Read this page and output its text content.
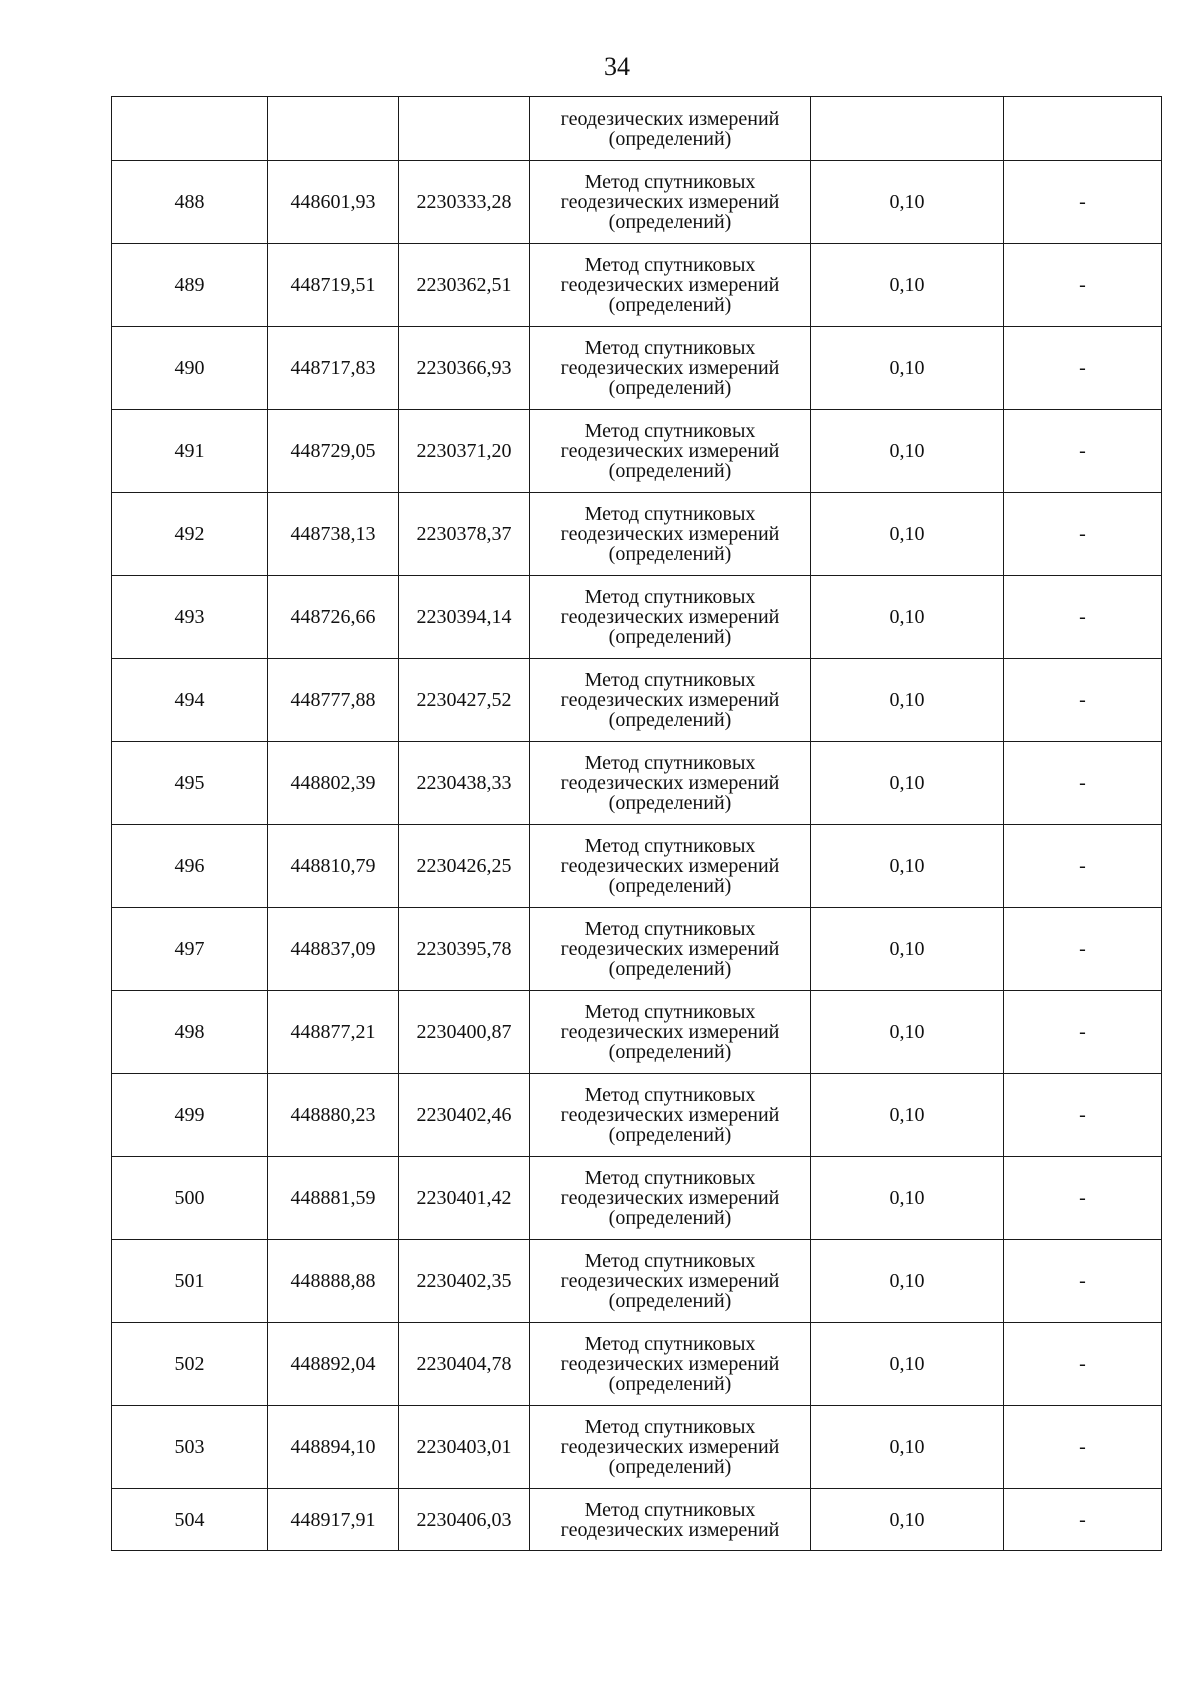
34

			геодезических измерений
(определений)		

488	448601,93	2230333,28	Метод спутниковых
геодезических измерений
(определений)	0,10	-
489	448719,51	2230362,51	Метод спутниковых
геодезических измерений
(определений)	0,10	-
490	448717,83	2230366,93	Метод спутниковых
геодезических измерений
(определений)	0,10	-
491	448729,05	2230371,20	Метод спутниковых
геодезических измерений
(определений)	0,10	-
492	448738,13	2230378,37	Метод спутниковых
геодезических измерений
(определений)	0,10	-
493	448726,66	2230394,14	Метод спутниковых
геодезических измерений
(определений)	0,10	-
494	448777,88	2230427,52	Метод спутниковых
геодезических измерений
(определений)	0,10	-
495	448802,39	2230438,33	Метод спутниковых
геодезических измерений
(определений)	0,10	-
496	448810,79	2230426,25	Метод спутниковых
геодезических измерений
(определений)	0,10	-
497	448837,09	2230395,78	Метод спутниковых
геодезических измерений
(определений)	0,10	-
498	448877,21	2230400,87	Метод спутниковых
геодезических измерений
(определений)	0,10	-
499	448880,23	2230402,46	Метод спутниковых
геодезических измерений
(определений)	0,10	-
500	448881,59	2230401,42	Метод спутниковых
геодезических измерений
(определений)	0,10	-
501	448888,88	2230402,35	Метод спутниковых
геодезических измерений
(определений)	0,10	-
502	448892,04	2230404,78	Метод спутниковых
геодезических измерений
(определений)	0,10	-
503	448894,10	2230403,01	Метод спутниковых
геодезических измерений
(определений)	0,10	-
504	448917,91	2230406,03	Метод спутниковых
геодезических измерений	0,10	-
